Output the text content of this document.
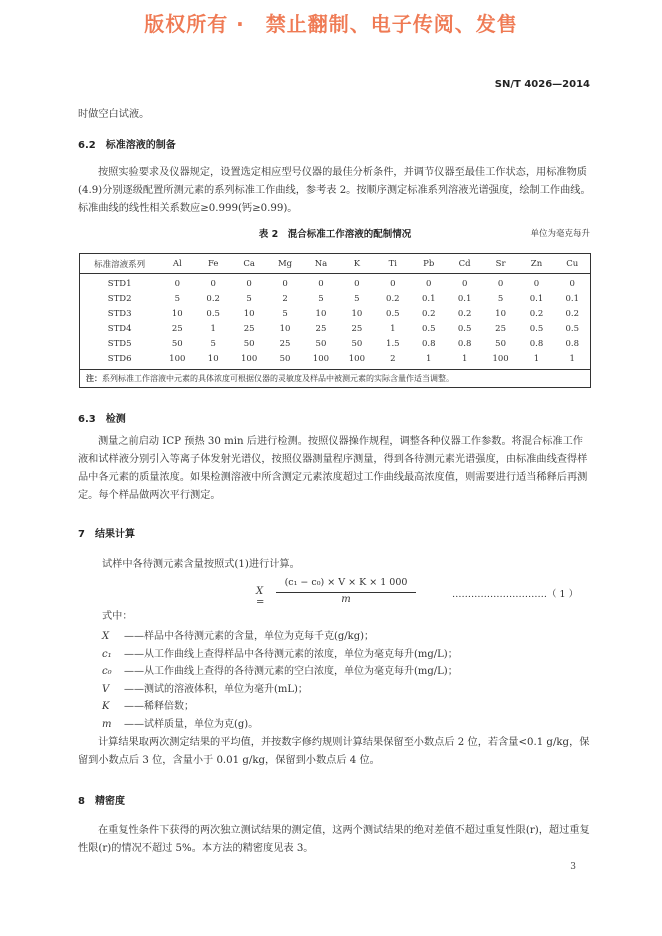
版权所有 ·　禁止翻制、电子传阅、发售
SN/T 4026—2014
时做空白试液。
6.2　标准溶液的制备
按照实验要求及仪器规定，设置选定相应型号仪器的最佳分析条件，并调节仪器至最佳工作状态，用标准物质(4.9)分别逐级配置所测元素的系列标准工作曲线，参考表 2。按顺序测定标准系列溶液光谱强度，绘制工作曲线。标准曲线的线性相关系数应≥0.999(钙≥0.99)。
表 2　混合标准工作溶液的配制情况	单位为毫克每升
标准溶液系列	Al	Fe	Ca	Mg	Na	K	Ti	Pb	Cd	Sr	Zn	Cu
STD1	0	0	0	0	0	0	0	0	0	0	0	0
STD2	5	0.2	5	2	5	5	0.2	0.1	0.1	5	0.1	0.1
STD3	10	0.5	10	5	10	10	0.5	0.2	0.2	10	0.2	0.2
STD4	25	1	25	10	25	25	1	0.5	0.5	25	0.5	0.5
STD5	50	5	50	25	50	50	1.5	0.8	0.8	50	0.8	0.8
STD6	100	10	100	50	100	100	2	1	1	100	1	1
注：系列标准工作溶液中元素的具体浓度可根据仪器的灵敏度及样品中被测元素的实际含量作适当调整。												
6.3　检测
测量之前启动 ICP 预热 30 min 后进行检测。按照仪器操作规程，调整各种仪器工作参数。将混合标准工作液和试样液分别引入等离子体发射光谱仪，按照仪器测量程序测量，得到各待测元素光谱强度，由标准曲线查得样品中各元素的质量浓度。如果检测溶液中所含测定元素浓度超过工作曲线最高浓度值，则需要进行适当稀释后再测定。每个样品做两次平行测定。
7　结果计算
试样中各待测元素含量按照式(1)进行计算。
X =
(c₁ − c₀) × V × K × 1 000
m	…………………………（ 1 ）
式中：
X ——样品中各待测元素的含量，单位为克每千克(g/kg)；
c₁ ——从工作曲线上查得样品中各待测元素的浓度，单位为毫克每升(mg/L)；
c₀ ——从工作曲线上查得的各待测元素的空白浓度，单位为毫克每升(mg/L)；
V ——测试的溶液体积，单位为毫升(mL)；
K ——稀释倍数；
m ——试样质量，单位为克(g)。
计算结果取两次测定结果的平均值，并按数字修约规则计算结果保留至小数点后 2 位，若含量<0.1 g/kg，保留到小数点后 3 位，含量小于 0.01 g/kg，保留到小数点后 4 位。
8　精密度
在重复性条件下获得的两次独立测试结果的测定值，这两个测试结果的绝对差值不超过重复性限(r)，超过重复性限(r)的情况不超过 5%。本方法的精密度见表 3。
3
